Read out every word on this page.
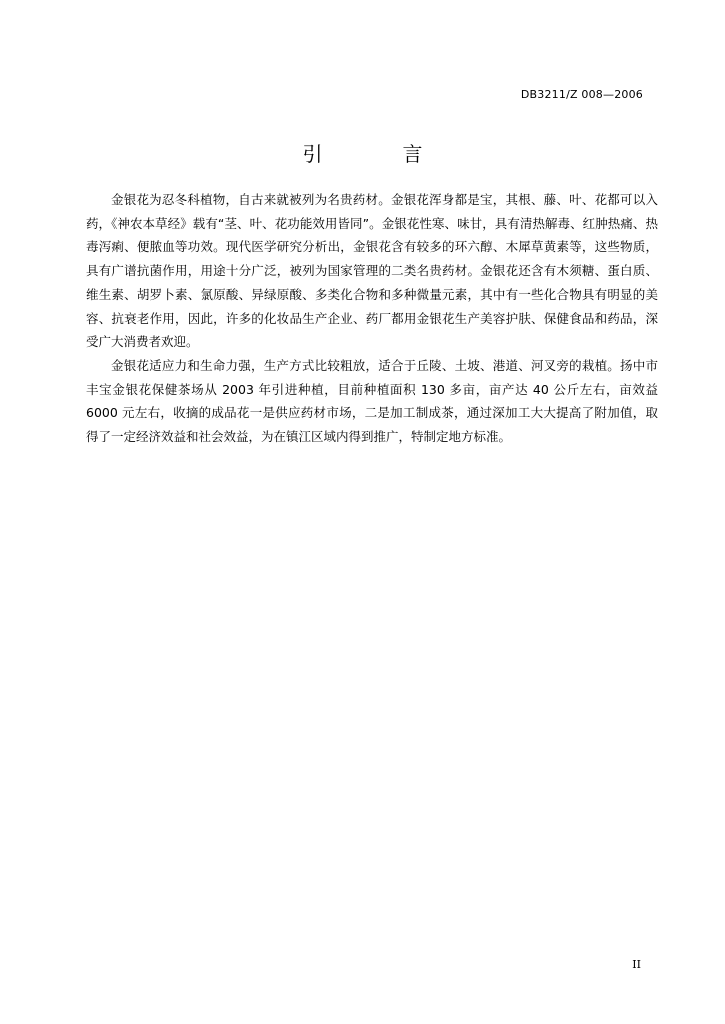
DB3211/Z 008—2006
引　言

金银花为忍冬科植物，自古来就被列为名贵药材。金银花浑身都是宝，其根、藤、叶、花都可以入药，《神农本草经》载有“茎、叶、花功能效用皆同”。金银花性寒、味甘，具有清热解毒、红肿热痛、热毒泻痢、便脓血等功效。现代医学研究分析出，金银花含有较多的环六醇、木犀草黄素等，这些物质，具有广谱抗菌作用，用途十分广泛，被列为国家管理的二类名贵药材。金银花还含有木须糖、蛋白质、维生素、胡罗卜素、氯原酸、异绿原酸、多类化合物和多种微量元素，其中有一些化合物具有明显的美容、抗衰老作用，因此，许多的化妆品生产企业、药厂都用金银花生产美容护肤、保健食品和药品，深受广大消费者欢迎。

金银花适应力和生命力强，生产方式比较粗放，适合于丘陵、土坡、港道、河叉旁的栽植。扬中市丰宝金银花保健茶场从 2003 年引进种植，目前种植面积 130 多亩，亩产达 40 公斤左右，亩效益 6000 元左右，收摘的成品花一是供应药材市场，二是加工制成茶，通过深加工大大提高了附加值，取得了一定经济效益和社会效益，为在镇江区域内得到推广，特制定地方标准。

II
